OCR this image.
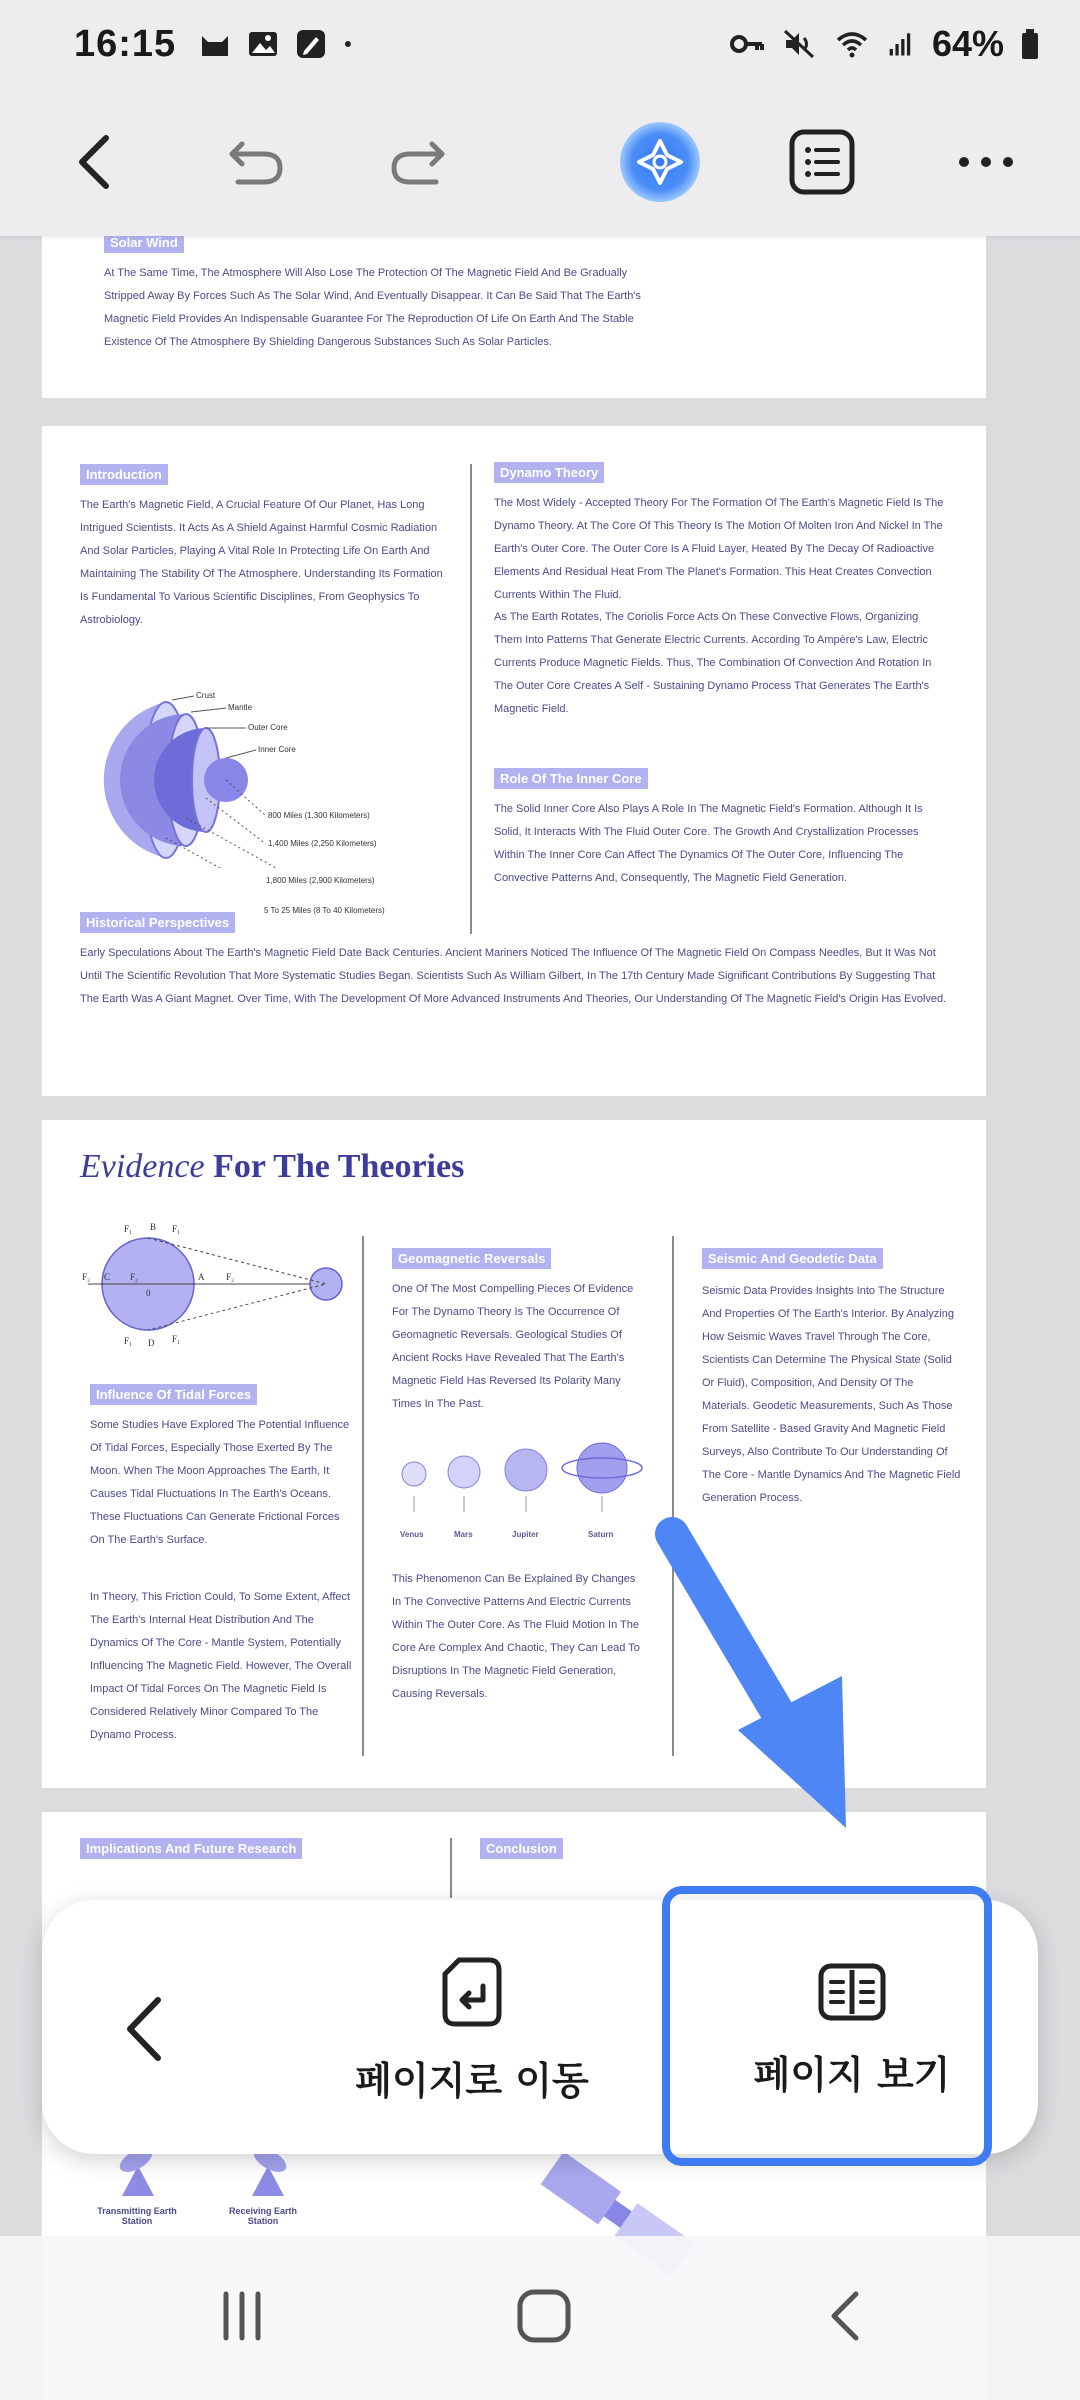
16:15	64%
Solar Wind

At The Same Time, The Atmosphere Will Also Lose The Protection Of The Magnetic Field And Be Gradually Stripped Away By Forces Such As The Solar Wind, And Eventually Disappear. It Can Be Said That The Earth's Magnetic Field Provides An Indispensable Guarantee For The Reproduction Of Life On Earth And The Stable Existence Of The Atmosphere By Shielding Dangerous Substances Such As Solar Particles.

Introduction

The Earth's Magnetic Field, A Crucial Feature Of Our Planet, Has Long Intrigued Scientists. It Acts As A Shield Against Harmful Cosmic Radiation And Solar Particles, Playing A Vital Role In Protecting Life On Earth And Maintaining The Stability Of The Atmosphere. Understanding Its Formation Is Fundamental To Various Scientific Disciplines, From Geophysics To Astrobiology.

Crust
Mantle
Outer Core
Inner Core
800 Miles (1,300 Kilometers)
1,400 Miles (2,250 Kilometers)
1,800 Miles (2,900 Kilometers)
5 To 25 Miles (8 To 40 Kilometers)
Dynamo Theory

The Most Widely - Accepted Theory For The Formation Of The Earth's Magnetic Field Is The Dynamo Theory. At The Core Of This Theory Is The Motion Of Molten Iron And Nickel In The Earth's Outer Core. The Outer Core Is A Fluid Layer, Heated By The Decay Of Radioactive Elements And Residual Heat From The Planet's Formation. This Heat Creates Convection Currents Within The Fluid.

As The Earth Rotates, The Coriolis Force Acts On These Convective Flows, Organizing Them Into Patterns That Generate Electric Currents. According To Ampère's Law, Electric Currents Produce Magnetic Fields. Thus, The Combination Of Convection And Rotation In The Outer Core Creates A Self - Sustaining Dynamo Process That Generates The Earth's Magnetic Field.

Role Of The Inner Core

The Solid Inner Core Also Plays A Role In The Magnetic Field's Formation. Although It Is Solid, It Interacts With The Fluid Outer Core. The Growth And Crystallization Processes Within The Inner Core Can Affect The Dynamics Of The Outer Core, Influencing The Convective Patterns And, Consequently, The Magnetic Field Generation.

Historical Perspectives

Early Speculations About The Earth's Magnetic Field Date Back Centuries. Ancient Mariners Noticed The Influence Of The Magnetic Field On Compass Needles, But It Was Not Until The Scientific Revolution That More Systematic Studies Began. Scientists Such As William Gilbert, In The 17th Century Made Significant Contributions By Suggesting That The Earth Was A Giant Magnet. Over Time, With The Development Of More Advanced Instruments And Theories, Our Understanding Of The Magnetic Field's Origin Has Evolved.

Evidence For The Theories
F₁ B F₁
F₂ C F₂
0
A F₂
F₁ D F₁
Influence Of Tidal Forces

Some Studies Have Explored The Potential Influence Of Tidal Forces, Especially Those Exerted By The Moon. When The Moon Approaches The Earth, It Causes Tidal Fluctuations In The Earth's Oceans. These Fluctuations Can Generate Frictional Forces On The Earth's Surface.

In Theory, This Friction Could, To Some Extent, Affect The Earth's Internal Heat Distribution And The Dynamics Of The Core - Mantle System, Potentially Influencing The Magnetic Field. However, The Overall Impact Of Tidal Forces On The Magnetic Field Is Considered Relatively Minor Compared To The Dynamo Process.

Geomagnetic Reversals

One Of The Most Compelling Pieces Of Evidence For The Dynamo Theory Is The Occurrence Of Geomagnetic Reversals. Geological Studies Of Ancient Rocks Have Revealed That The Earth's Magnetic Field Has Reversed Its Polarity Many Times In The Past.

Venus	Mars	Jupiter	Saturn

This Phenomenon Can Be Explained By Changes In The Convective Patterns And Electric Currents Within The Outer Core. As The Fluid Motion In The Core Are Complex And Chaotic, They Can Lead To Disruptions In The Magnetic Field Generation, Causing Reversals.

Seismic And Geodetic Data

Seismic Data Provides Insights Into The Structure And Properties Of The Earth's Interior. By Analyzing How Seismic Waves Travel Through The Core, Scientists Can Determine The Physical State (Solid Or Fluid), Composition, And Density Of The Materials. Geodetic Measurements, Such As Those From Satellite - Based Gravity And Magnetic Field Surveys, Also Contribute To Our Understanding Of The Core - Mantle Dynamics And The Magnetic Field Generation Process.

Implications And Future Research	Conclusion
Transmitting Earth Station
Receiving Earth Station
페이지로 이동	페이지 보기
